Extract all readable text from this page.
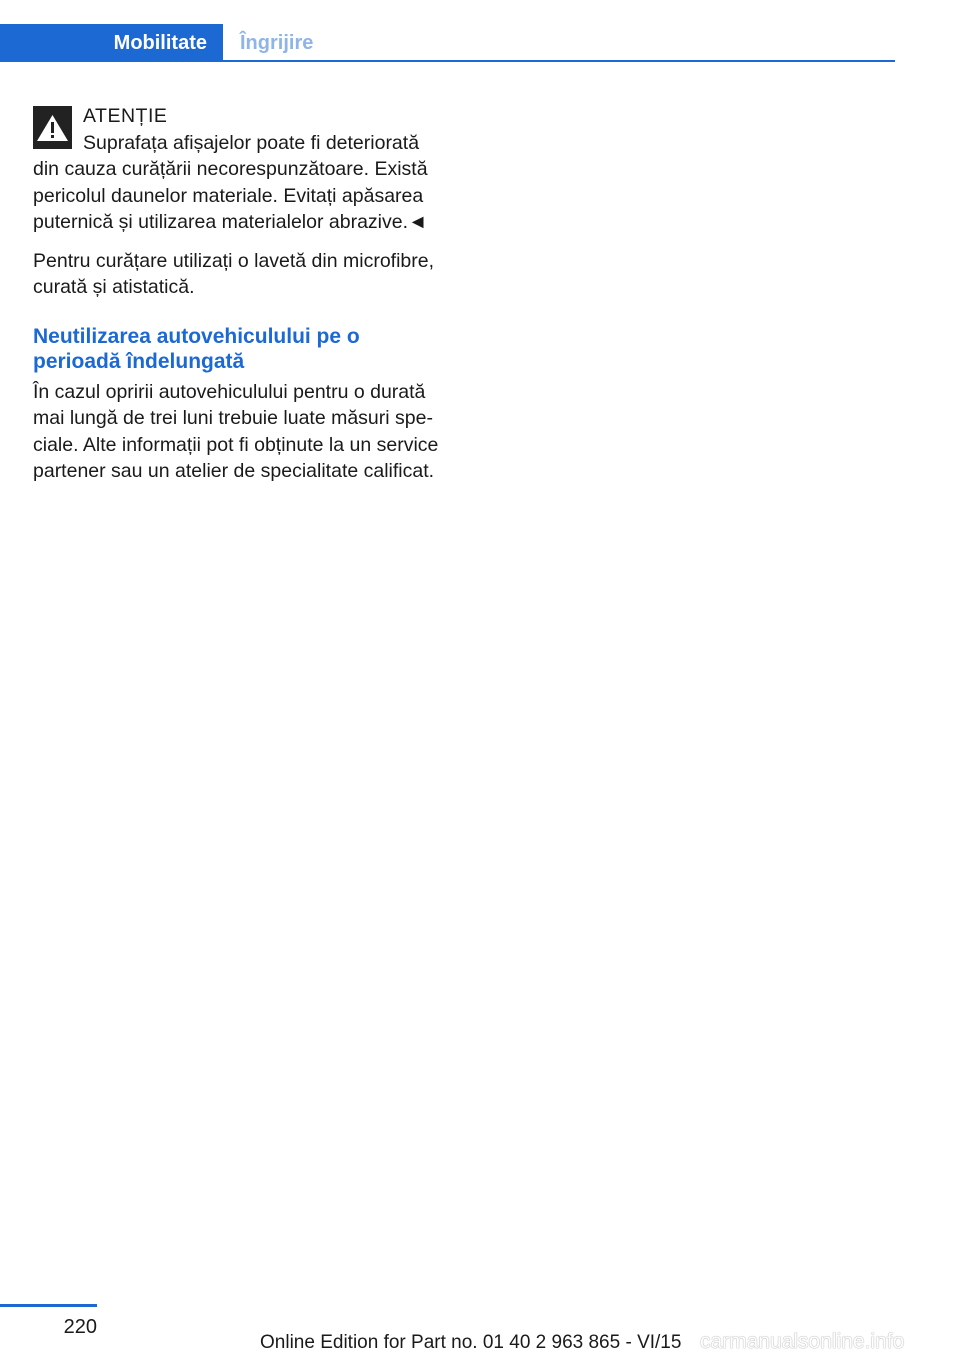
Mobilitate Îngrijire
ATENȚIE

Suprafața afișajelor poate fi deteriorată din cauza curățării necorespunzătoare. Există pericolul daunelor materiale. Evitați apăsarea puternică și utilizarea materialelor abrazive.◄

Pentru curățare utilizați o lavetă din microfibre, curată și atistatică.

Neutilizarea autovehiculului pe o perioadă îndelungată

În cazul opririi autovehiculului pentru o durată mai lungă de trei luni trebuie luate măsuri speciale. Alte informații pot fi obținute la un service partener sau un atelier de specialitate calificat.

220
Online Edition for Part no. 01 40 2 963 865 - VI/15 carmanualsonline.info
